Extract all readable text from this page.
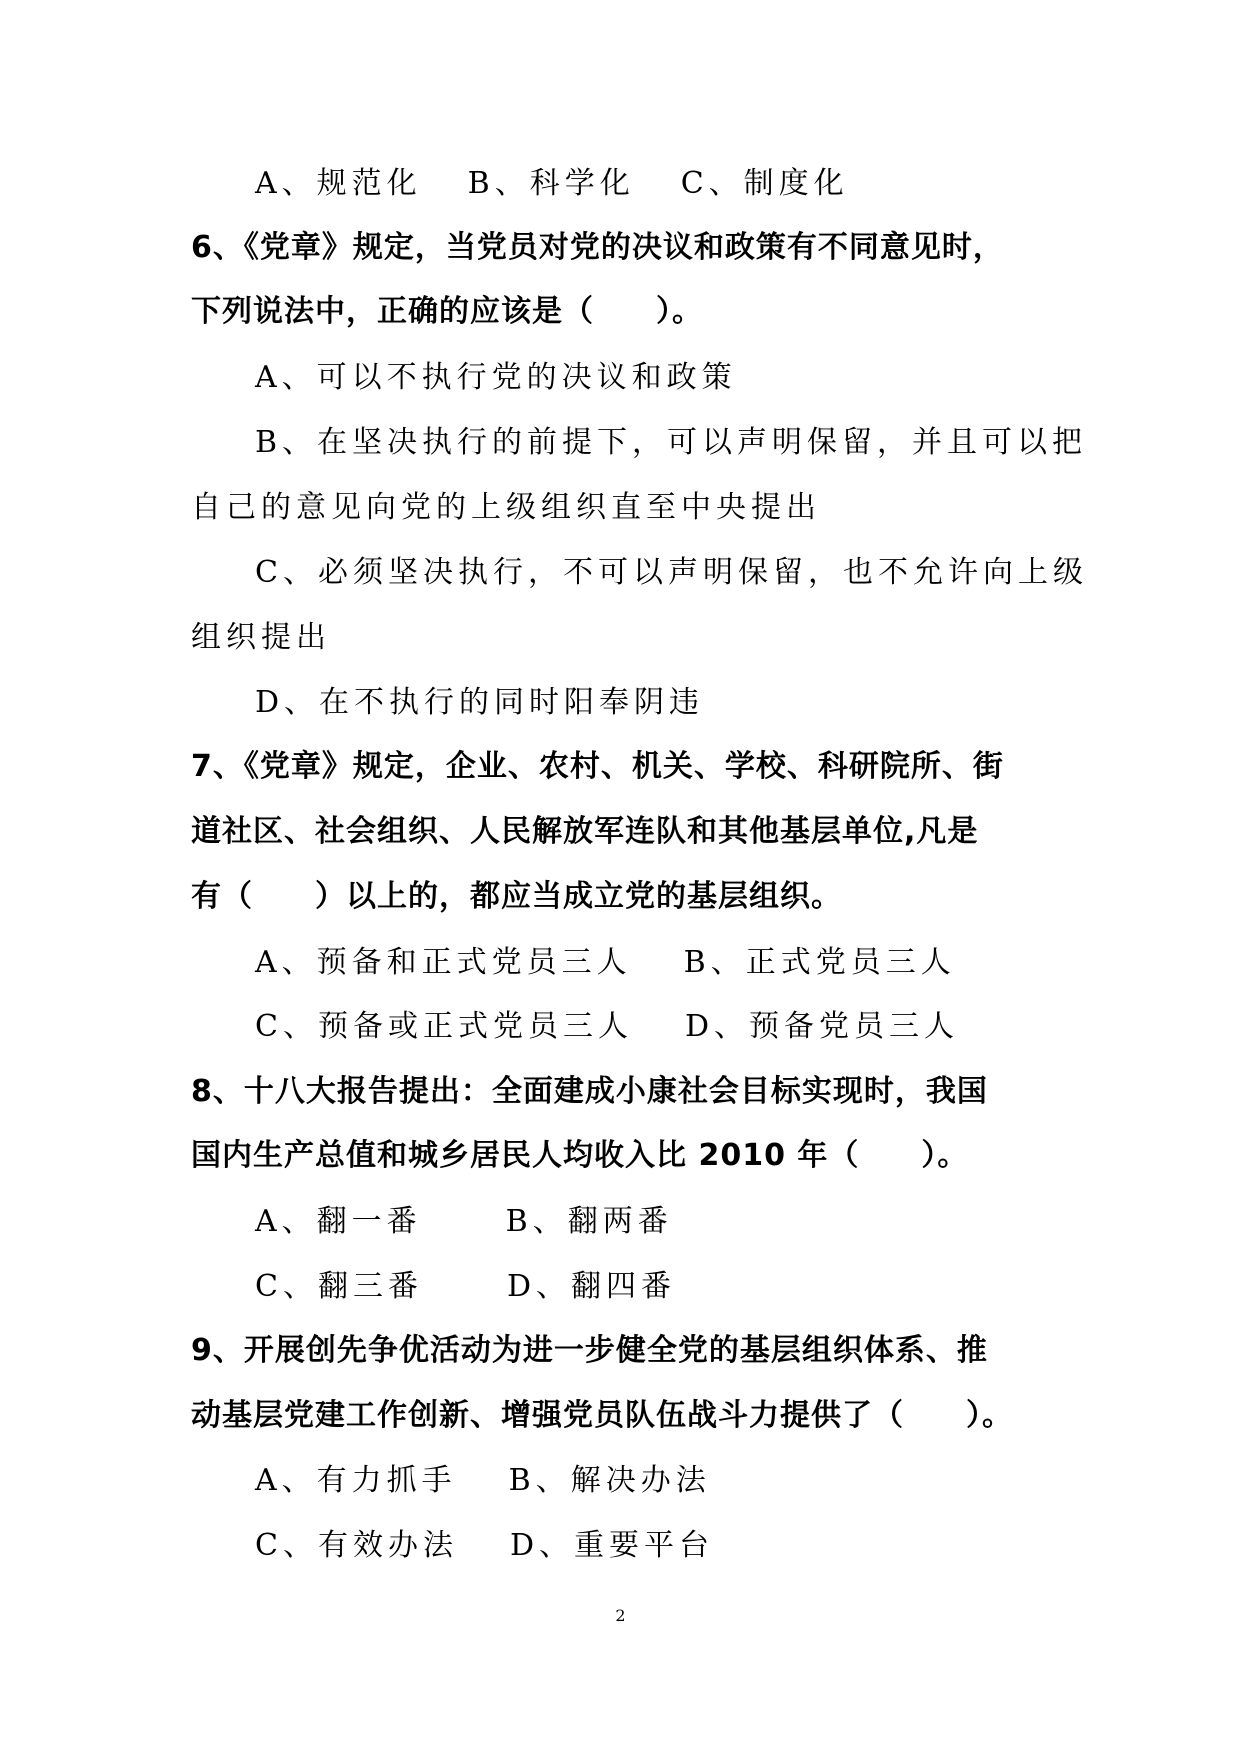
A、规范化 B、科学化 C、制度化
6、《党章》规定，当党员对党的决议和政策有不同意见时，
下列说法中，正确的应该是（　　）。
A、可以不执行党的决议和政策
B、在坚决执行的前提下，可以声明保留，并且可以把
自己的意见向党的上级组织直至中央提出
C、必须坚决执行，不可以声明保留，也不允许向上级
组织提出
D、在不执行的同时阳奉阴违
7、《党章》规定，企业、农村、机关、学校、科研院所、街
道社区、社会组织、人民解放军连队和其他基层单位,凡是
有（　　）以上的，都应当成立党的基层组织。
A、预备和正式党员三人 B、正式党员三人
C、预备或正式党员三人 D、预备党员三人
8、十八大报告提出：全面建成小康社会目标实现时，我国
国内生产总值和城乡居民人均收入比 2010 年（　　）。
A、翻一番	B、翻两番
C、翻三番	D、翻四番
9、开展创先争优活动为进一步健全党的基层组织体系、推
动基层党建工作创新、增强党员队伍战斗力提供了（　　）。
A、有力抓手 B、解决办法
C、有效办法 D、重要平台
2
